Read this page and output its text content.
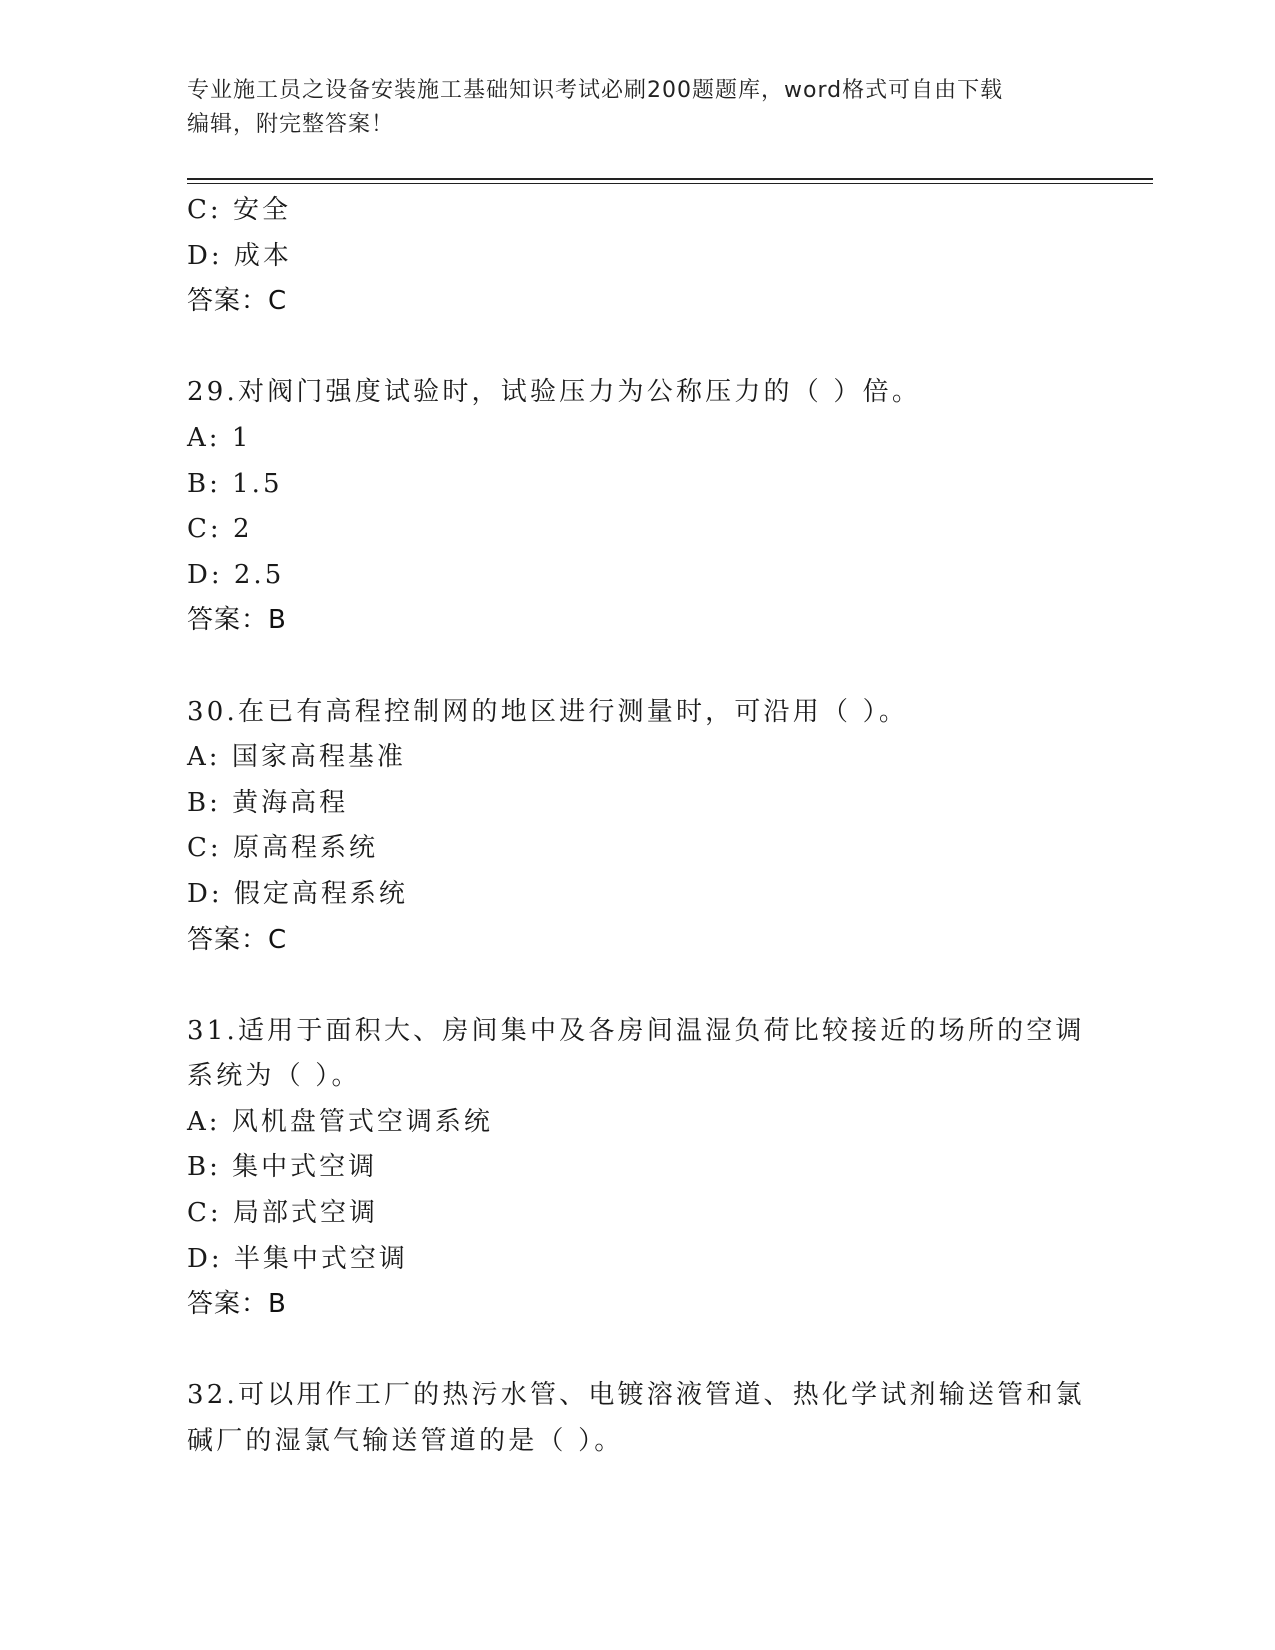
专业施工员之设备安装施工基础知识考试必刷200题题库，word格式可自由下载
编辑，附完整答案！
C: 安全
D: 成本
答案：C
29.对阀门强度试验时，试验压力为公称压力的（ ）倍。
A: 1
B: 1.5
C: 2
D: 2.5
答案：B
30.在已有高程控制网的地区进行测量时，可沿用（ ）。
A: 国家高程基准
B: 黄海高程
C: 原高程系统
D: 假定高程系统
答案：C
31.适用于面积大、房间集中及各房间温湿负荷比较接近的场所的空调
系统为（ ）。
A: 风机盘管式空调系统
B: 集中式空调
C: 局部式空调
D: 半集中式空调
答案：B
32.可以用作工厂的热污水管、电镀溶液管道、热化学试剂输送管和氯
碱厂的湿氯气输送管道的是（ ）。
